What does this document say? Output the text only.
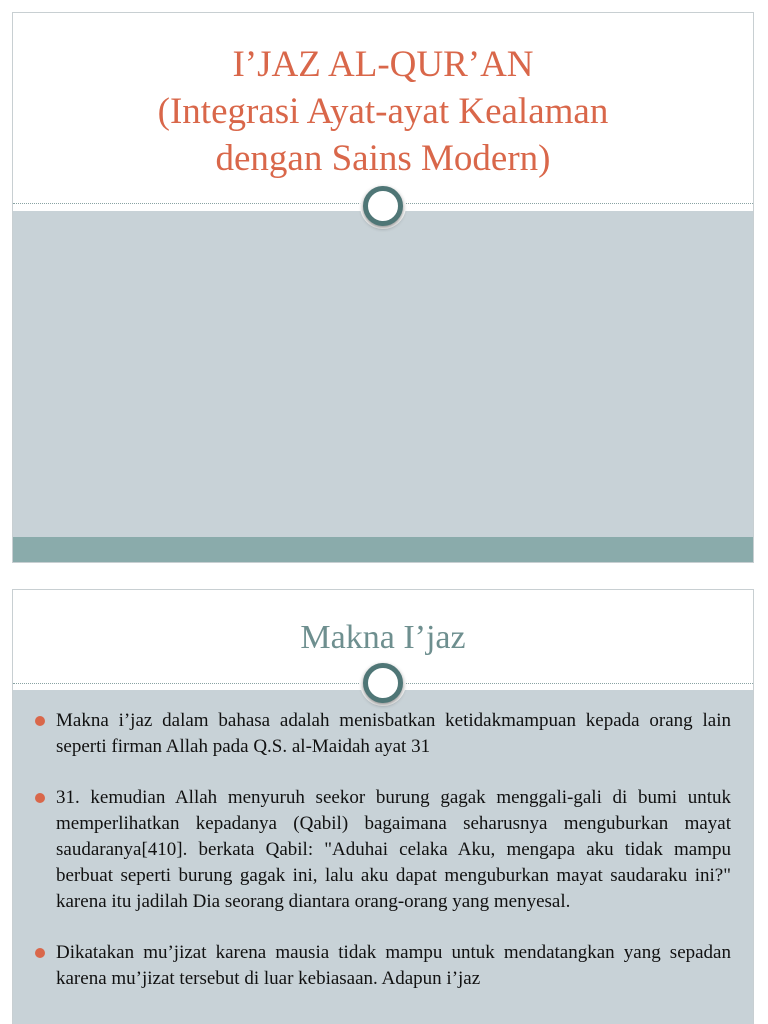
I’JAZ AL-QUR’AN
(Integrasi Ayat-ayat Kealaman
dengan Sains Modern)
Makna I’jaz
Makna i’jaz dalam bahasa adalah menisbatkan ketidakmampuan kepada orang lain seperti firman Allah pada Q.S. al-Maidah ayat 31
31. kemudian Allah menyuruh seekor burung gagak menggali-gali di bumi untuk memperlihatkan kepadanya (Qabil) bagaimana seharusnya menguburkan mayat saudaranya[410]. berkata Qabil: "Aduhai celaka Aku, mengapa aku tidak mampu berbuat seperti burung gagak ini, lalu aku dapat menguburkan mayat saudaraku ini?" karena itu jadilah Dia seorang diantara orang-orang yang menyesal.
Dikatakan mu’jizat karena mausia tidak mampu untuk mendatangkan yang sepadan karena mu’jizat tersebut di luar kebiasaan. Adapun i’jaz
